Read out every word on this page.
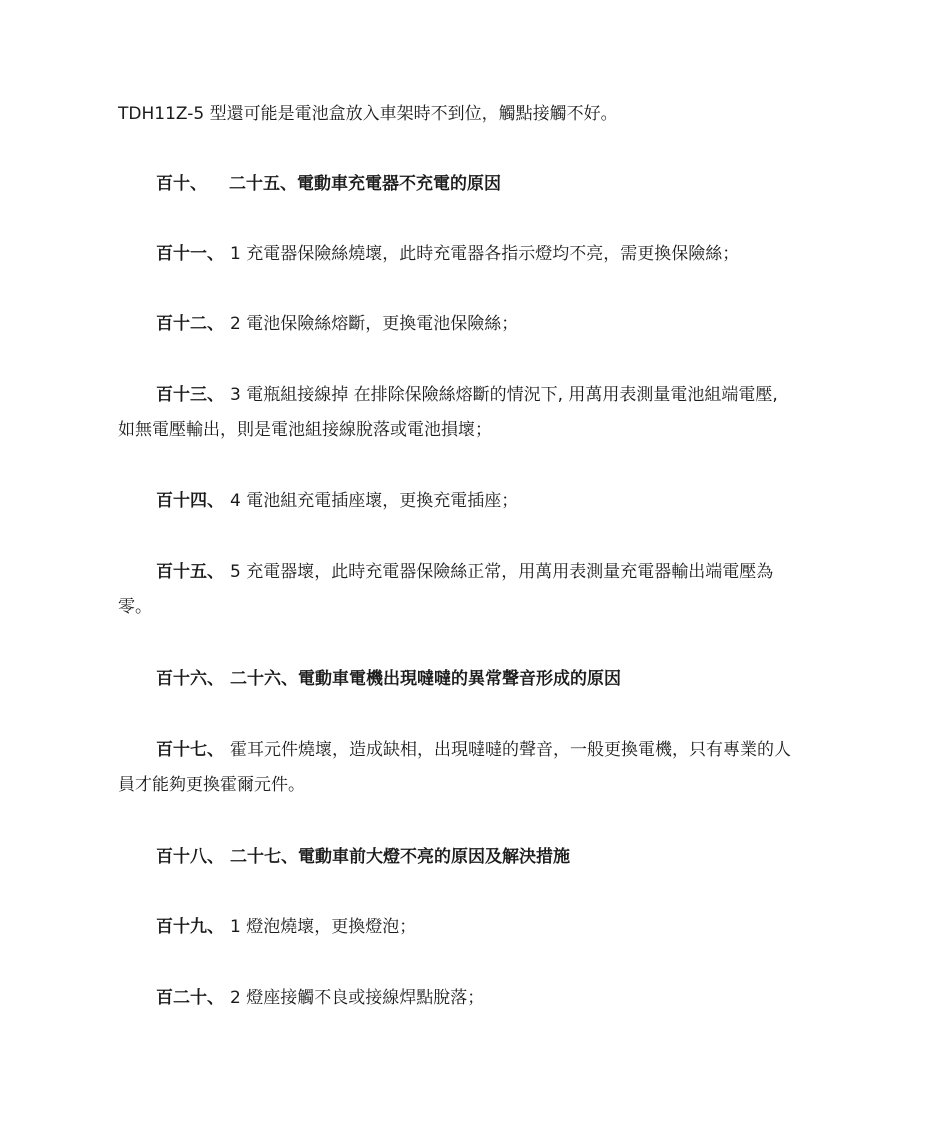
TDH11Z-5 型還可能是電池盒放入車架時不到位，觸點接觸不好。
百十、 二十五、電動車充電器不充電的原因
百十一、 1 充電器保險絲燒壞，此時充電器各指示燈均不亮，需更換保險絲；
百十二、 2 電池保險絲熔斷，更換電池保險絲；
百十三、 3 電瓶組接線掉 在排除保險絲熔斷的情況下, 用萬用表測量電池組端電壓,
如無電壓輸出，則是電池組接線脫落或電池損壞；
百十四、 4 電池組充電插座壞，更換充電插座；
百十五、 5 充電器壞，此時充電器保險絲正常，用萬用表測量充電器輸出端電壓為
零。
百十六、 二十六、電動車電機出現噠噠的異常聲音形成的原因
百十七、 霍耳元件燒壞，造成缺相，出現噠噠的聲音，一般更換電機，只有專業的人
員才能夠更換霍爾元件。
百十八、 二十七、電動車前大燈不亮的原因及解決措施
百十九、 1 燈泡燒壞，更換燈泡；
百二十、 2 燈座接觸不良或接線焊點脫落；
